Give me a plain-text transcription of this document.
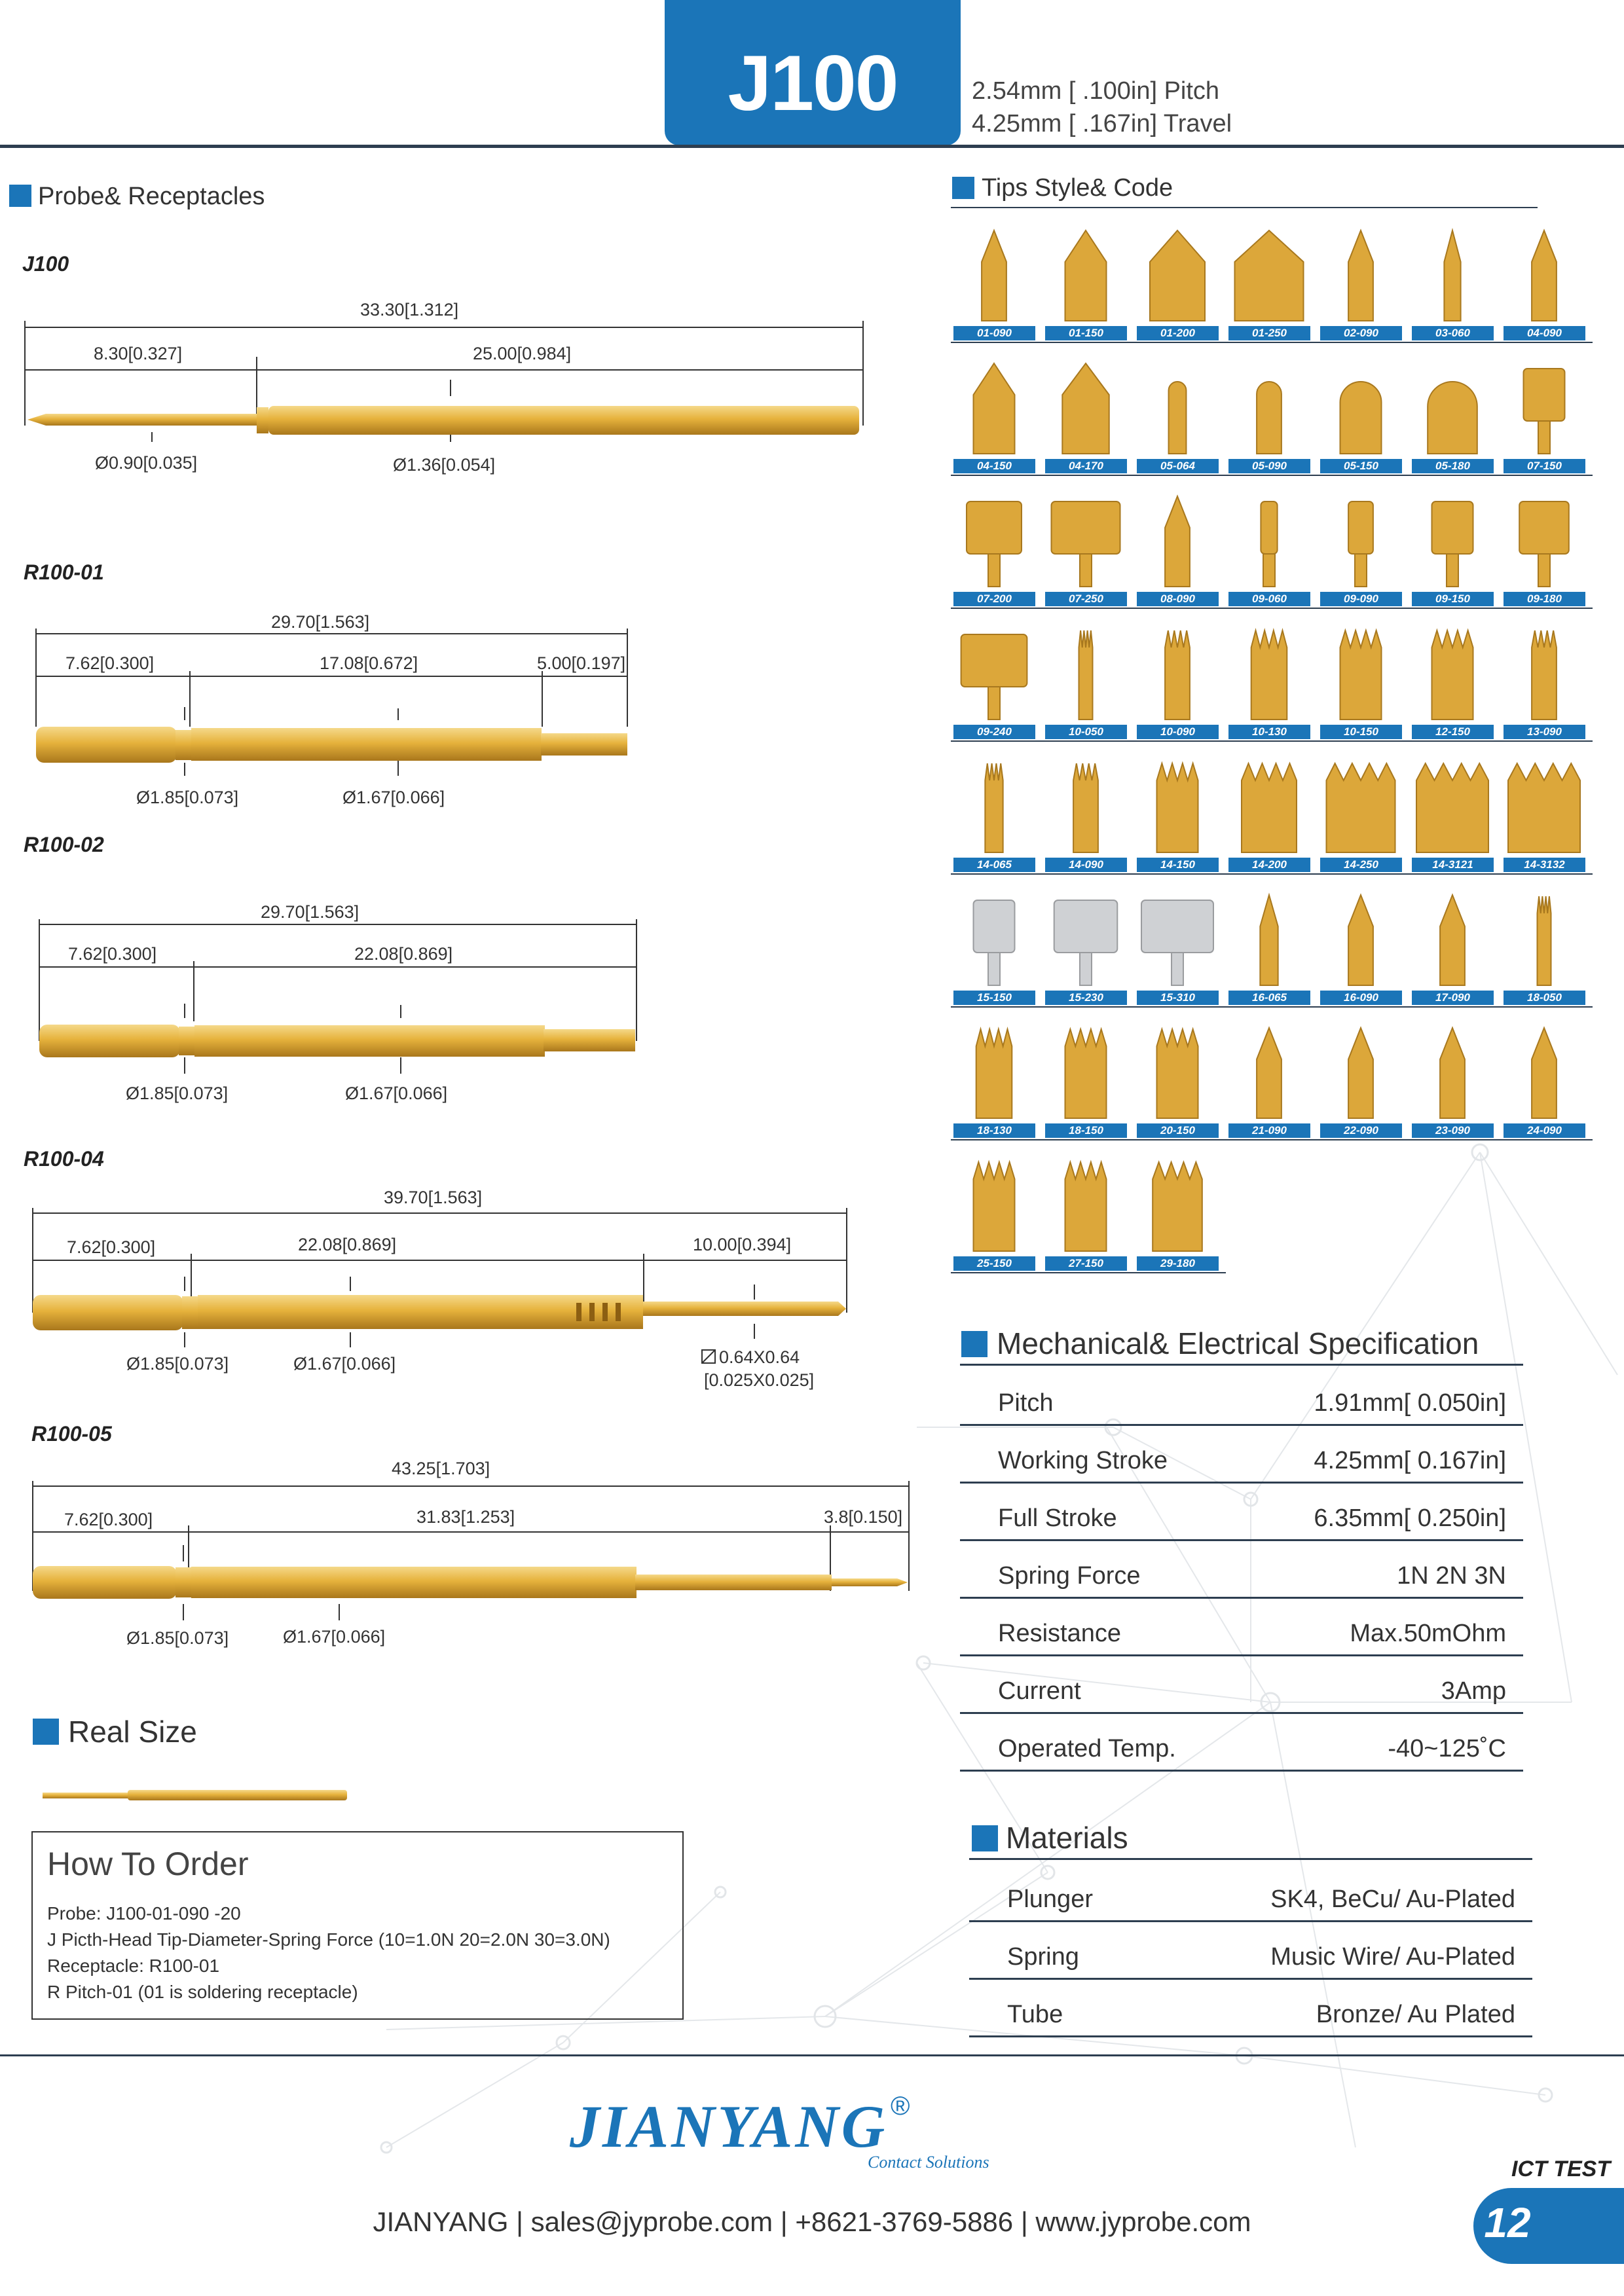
J100	2.54mm [ .100in] Pitch
4.25mm [ .167in] Travel
Probe& Receptacles
J100
33.30[1.312]
8.30[0.327]	25.00[0.984]
Ø0.90[0.035]	Ø1.36[0.054]
R100-01
29.70[1.563]
7.62[0.300]	17.08[0.672]	5.00[0.197]
Ø1.85[0.073]	Ø1.67[0.066]
R100-02
29.70[1.563]
7.62[0.300]	22.08[0.869]
Ø1.85[0.073]	Ø1.67[0.066]
R100-04
39.70[1.563]
7.62[0.300]	22.08[0.869]	10.00[0.394]
Ø1.85[0.073]	Ø1.67[0.066]	0.64X0.64
[0.025X0.025]
R100-05
43.25[1.703]
7.62[0.300]	31.83[1.253]	3.8[0.150]
Ø1.85[0.073]	Ø1.67[0.066]
Real Size
How To Order
Probe: J100-01-090 -20
J Picth-Head Tip-Diameter-Spring Force (10=1.0N 20=2.0N 30=3.0N)
Receptacle: R100-01
R Pitch-01 (01 is soldering receptacle)
Tips Style& Code
01-090	01-150	01-200	01-250	02-090	03-060	04-090
04-150	04-170	05-064	05-090	05-150	05-180	07-150
07-200	07-250	08-090	09-060	09-090	09-150	09-180
09-240	10-050	10-090	10-130	10-150	12-150	13-090
14-065	14-090	14-150	14-200	14-250	14-3121	14-3132
15-150	15-230	15-310	16-065	16-090	17-090	18-050
18-130	18-150	20-150	21-090	22-090	23-090	24-090
25-150	27-150	29-180
Mechanical& Electrical Specification
Pitch	1.91mm[ 0.050in]
Working Stroke	4.25mm[ 0.167in]
Full Stroke	6.35mm[ 0.250in]
Spring Force	1N 2N 3N
Resistance	Max.50mOhm
Current	3Amp
Operated Temp.	-40~125˚C
Materials
Plunger	SK4, BeCu/ Au-Plated
Spring	Music Wire/ Au-Plated
Tube	Bronze/ Au Plated
JIANYANG ®
Contact Solutions	ICT TEST
12
JIANYANG | sales@jyprobe.com | +8621-3769-5886 | www.jyprobe.com
